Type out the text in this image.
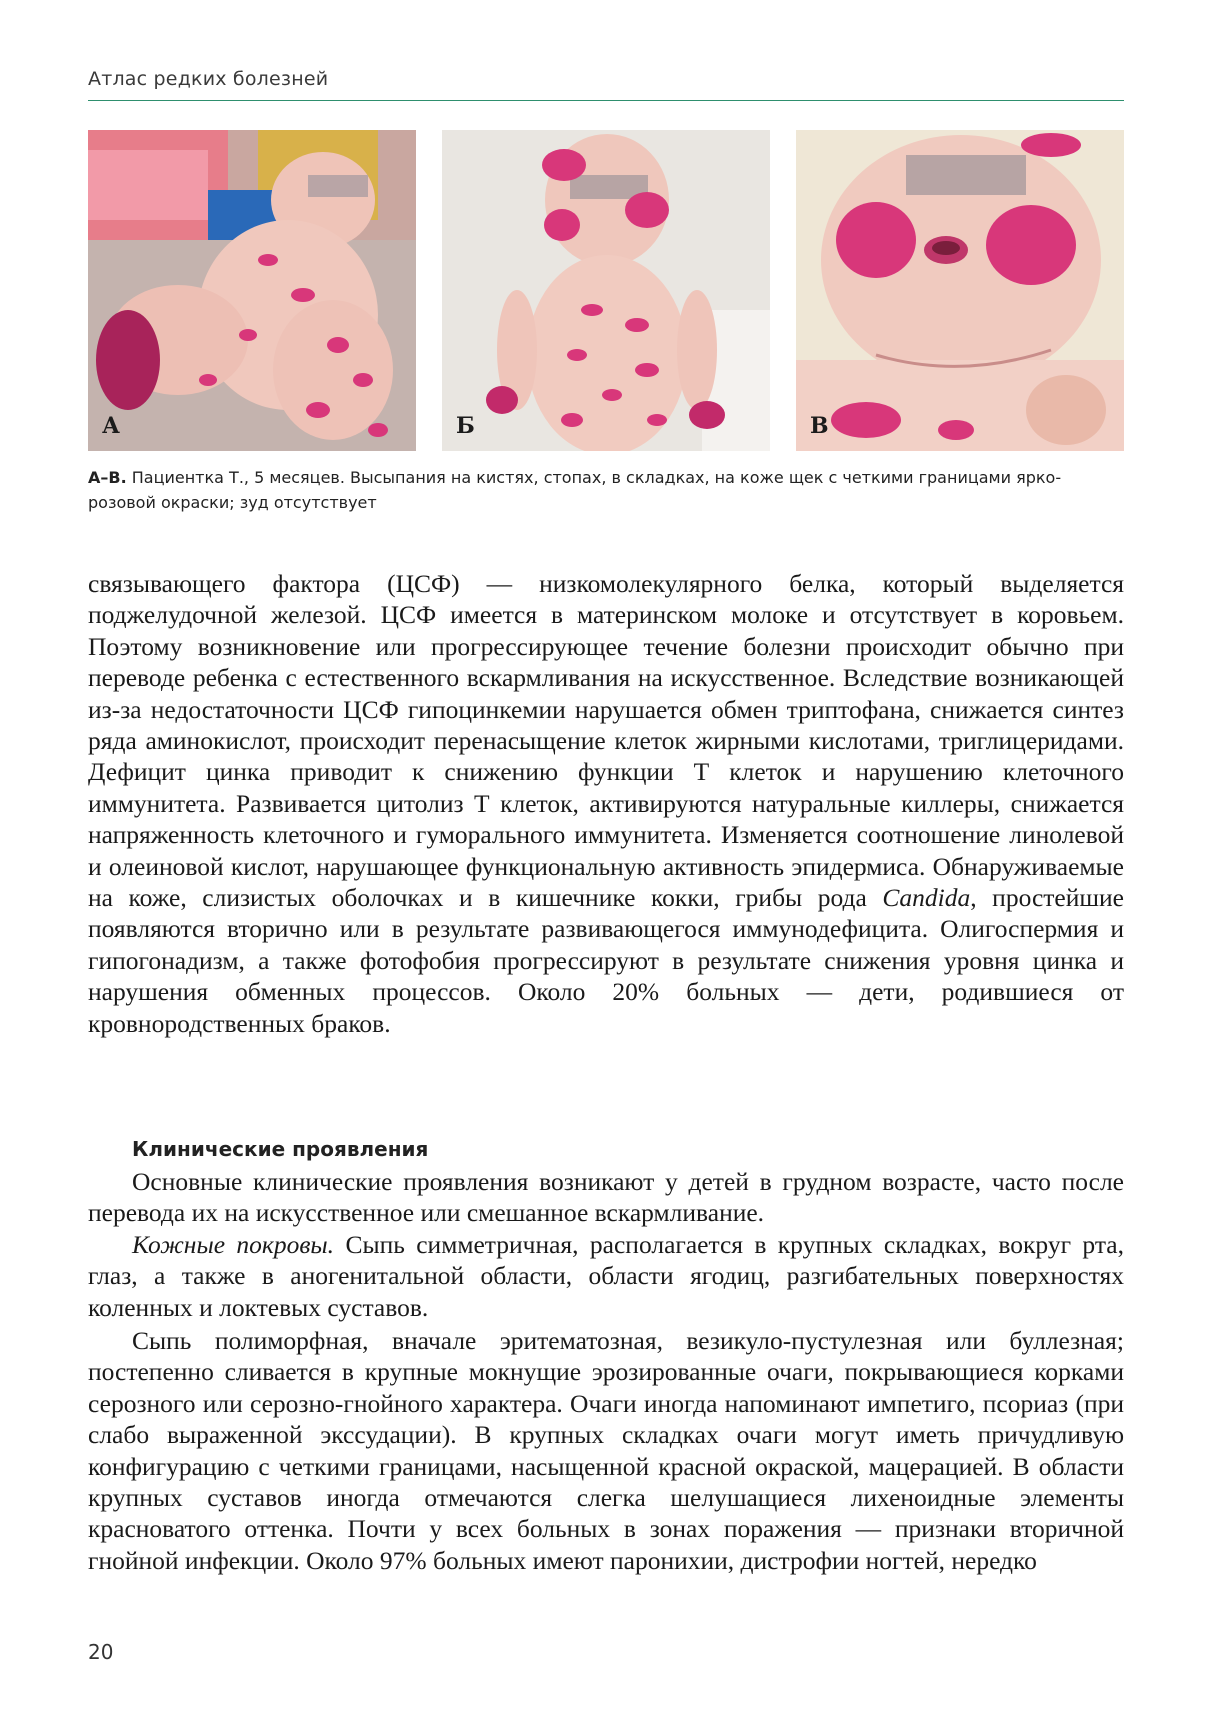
Атлас редких болезней
А	Б	В
А–В. Пациентка Т., 5 месяцев. Высыпания на кистях, стопах, в складках, на коже щек с четкими границами ярко-розовой окраски; зуд отсутствует

связывающего фактора (ЦСФ) — низкомолекулярного белка, который выделяется поджелудочной железой. ЦСФ имеется в материнском молоке и отсутствует в коровьем. Поэтому возникновение или прогрессирующее течение болезни происходит обычно при переводе ребенка с естественного вскармливания на искусственное. Вследствие возникающей из-за недостаточности ЦСФ гипоцинкемии нарушается обмен триптофана, снижается синтез ряда аминокислот, происходит перенасыщение клеток жирными кислотами, триглицеридами. Дефицит цинка приводит к снижению функции Т клеток и нарушению клеточного иммунитета. Развивается цитолиз Т клеток, активируются натуральные киллеры, снижается напряженность клеточного и гуморального иммунитета. Изменяется соотношение линолевой и олеиновой кислот, нарушающее функциональную активность эпидермиса. Обнаруживаемые на коже, слизистых оболочках и в кишечнике кокки, грибы рода Candida, простейшие появляются вторично или в результате развивающегося иммунодефицита. Олигоспермия и гипогонадизм, а также фотофобия прогрессируют в результате снижения уровня цинка и нарушения обменных процессов. Около 20% больных — дети, родившиеся от кровнородственных браков.

Клинические проявления

Основные клинические проявления возникают у детей в грудном возрасте, часто после перевода их на искусственное или смешанное вскармливание.

Кожные покровы. Сыпь симметричная, располагается в крупных складках, вокруг рта, глаз, а также в аногенитальной области, области ягодиц, разгибательных поверхностях коленных и локтевых суставов.

Сыпь полиморфная, вначале эритематозная, везикуло-пустулезная или буллезная; постепенно сливается в крупные мокнущие эрозированные очаги, покрывающиеся корками серозного или серозно-гнойного характера. Очаги иногда напоминают импетиго, псориаз (при слабо выраженной экссудации). В крупных складках очаги могут иметь причудливую конфигурацию с четкими границами, насыщенной красной окраской, мацерацией. В области крупных суставов иногда отмечаются слегка шелушащиеся лихеноидные элементы красноватого оттенка. Почти у всех больных в зонах поражения — признаки вторичной гнойной инфекции. Около 97% больных имеют паронихии, дистрофии ногтей, нередко

20
